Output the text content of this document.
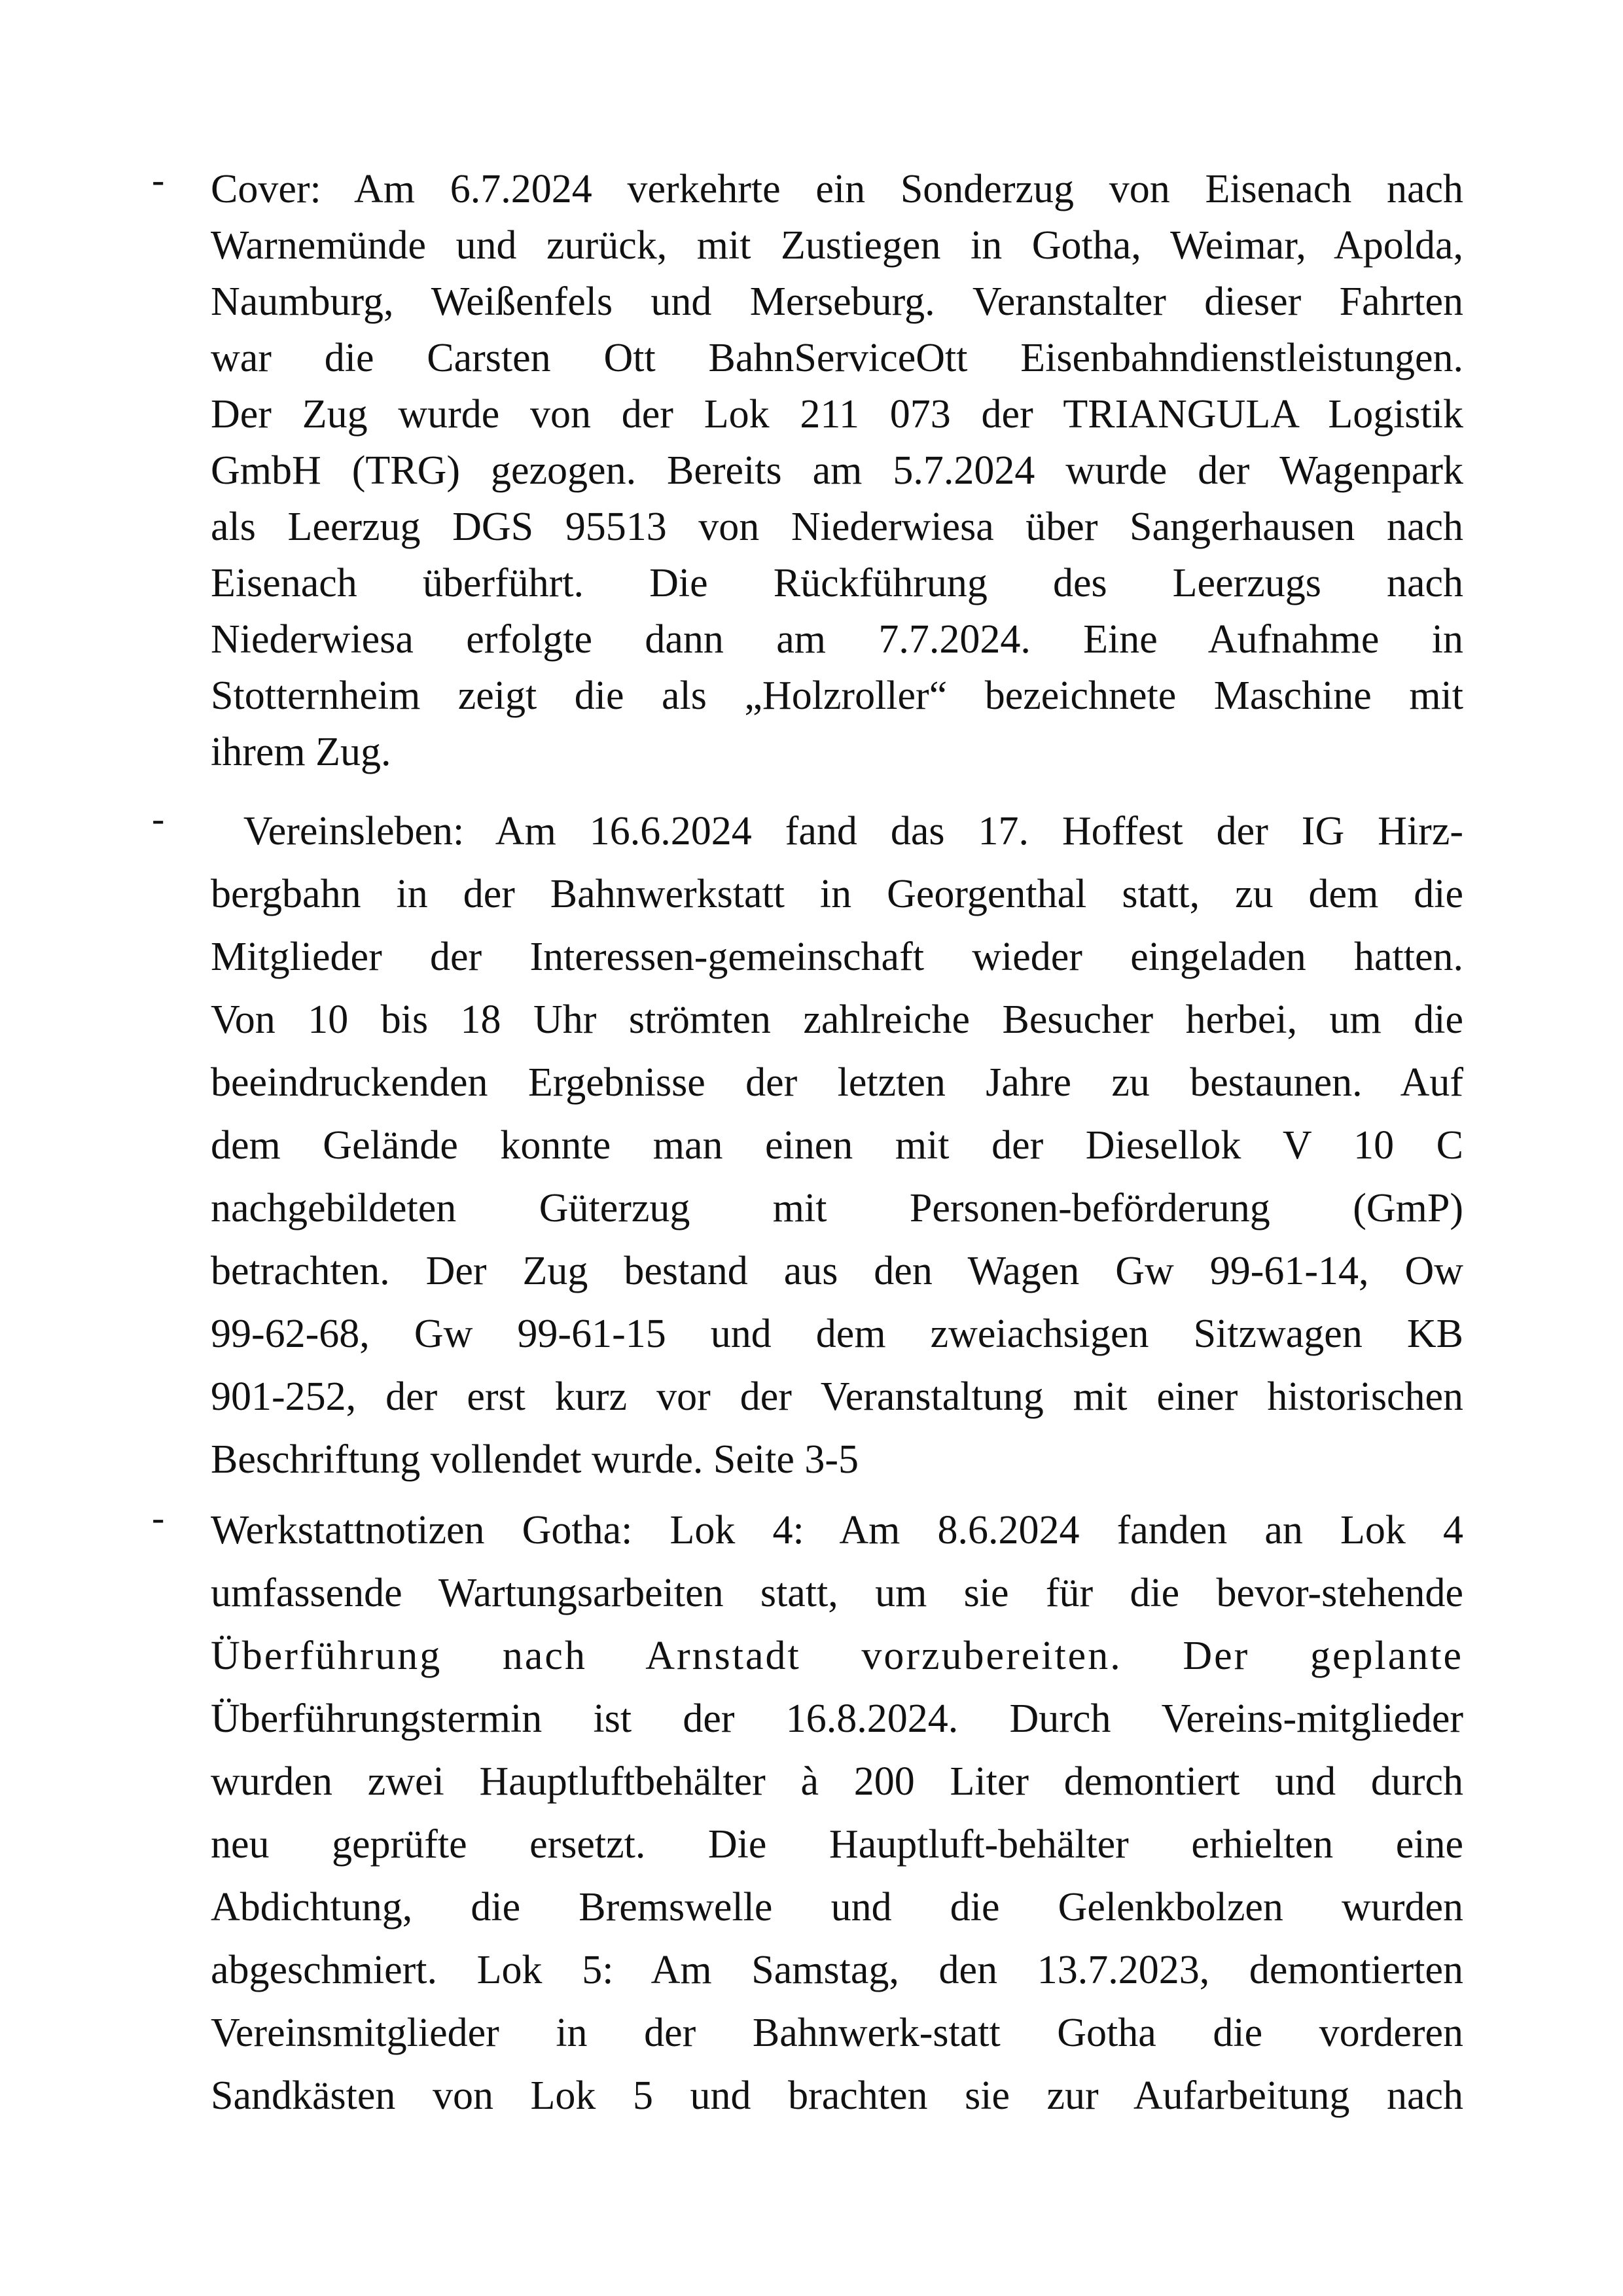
- Cover: Am 6.7.2024 verkehrte ein Sonderzug von Eisenach nach
Warnemünde und zurück, mit Zustiegen in Gotha, Weimar, Apolda,
Naumburg, Weißenfels und Merseburg. Veranstalter dieser Fahrten
war die Carsten Ott BahnServiceOtt Eisenbahndienstleistungen.
Der Zug wurde von der Lok 211 073 der TRIANGULA Logistik
GmbH (TRG) gezogen. Bereits am 5.7.2024 wurde der Wagenpark
als Leerzug DGS 95513 von Niederwiesa über Sangerhausen nach
Eisenach überführt. Die Rückführung des Leerzugs nach
Niederwiesa erfolgte dann am 7.7.2024. Eine Aufnahme in
Stotternheim zeigt die als „Holzroller“ bezeichnete Maschine mit
ihrem Zug.
- Vereinsleben: Am 16.6.2024 fand das 17. Hoffest der IG Hirz-
bergbahn in der Bahnwerkstatt in Georgenthal statt, zu dem die
Mitglieder der Interessen-gemeinschaft wieder eingeladen hatten.
Von 10 bis 18 Uhr strömten zahlreiche Besucher herbei, um die
beeindruckenden Ergebnisse der letzten Jahre zu bestaunen. Auf
dem Gelände konnte man einen mit der Diesellok V 10 C
nachgebildeten Güterzug mit Personen-beförderung (GmP)
betrachten. Der Zug bestand aus den Wagen Gw 99-61-14, Ow
99-62-68, Gw 99-61-15 und dem zweiachsigen Sitzwagen KB
901-252, der erst kurz vor der Veranstaltung mit einer historischen
Beschriftung vollendet wurde. Seite 3-5
- Werkstattnotizen Gotha: Lok 4: Am 8.6.2024 fanden an Lok 4
umfassende Wartungsarbeiten statt, um sie für die bevor-stehende
Überführung nach Arnstadt vorzubereiten. Der geplante
Überführungstermin ist der 16.8.2024. Durch Vereins-mitglieder
wurden zwei Hauptluftbehälter à 200 Liter demontiert und durch
neu geprüfte ersetzt. Die Hauptluft-behälter erhielten eine
Abdichtung, die Bremswelle und die Gelenkbolzen wurden
abgeschmiert. Lok 5: Am Samstag, den 13.7.2023, demontierten
Vereinsmitglieder in der Bahnwerk-statt Gotha die vorderen
Sandkästen von Lok 5 und brachten sie zur Aufarbeitung nach
